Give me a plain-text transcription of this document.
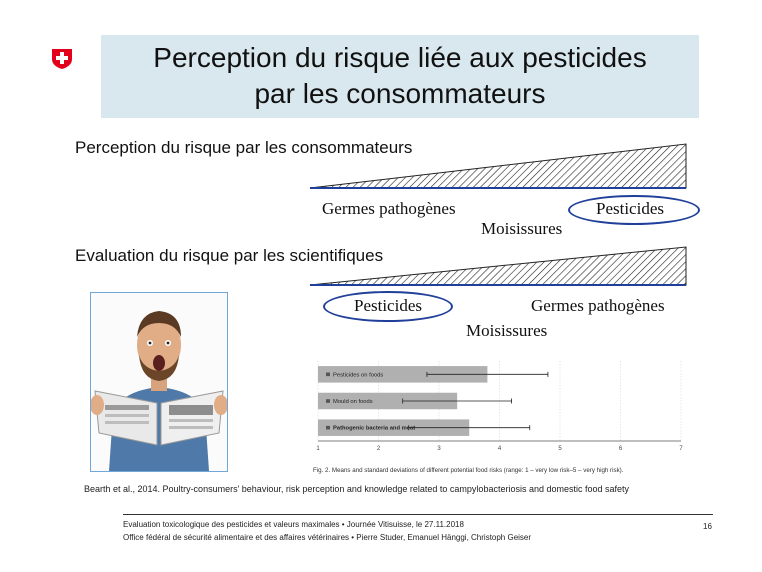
Perception du risque liée aux pesticides
par les consommateurs
Perception du risque par les consommateurs
Germes pathogènes
Moisissures
Pesticides
Evaluation du risque par les scientifiques
Pesticides	Germes pathogènes
Moisissures
1	2	3	4	5	6	7
Pesticides on foods
Mould on foods
Pathogenic bacteria and meat
Fig. 2. Means and standard deviations of different potential food risks (range: 1 – very low risk–5 – very high risk).
Bearth et al., 2014. Poultry-consumers' behaviour, risk perception and knowledge related to campylobacteriosis and domestic food safety
Evaluation toxicologique des pesticides et valeurs maximales • Journée Vitisuisse, le 27.11.2018
Office fédéral de sécurité alimentaire et des affaires vétérinaires • Pierre Studer, Emanuel Hänggi, Christoph Geiser
16
